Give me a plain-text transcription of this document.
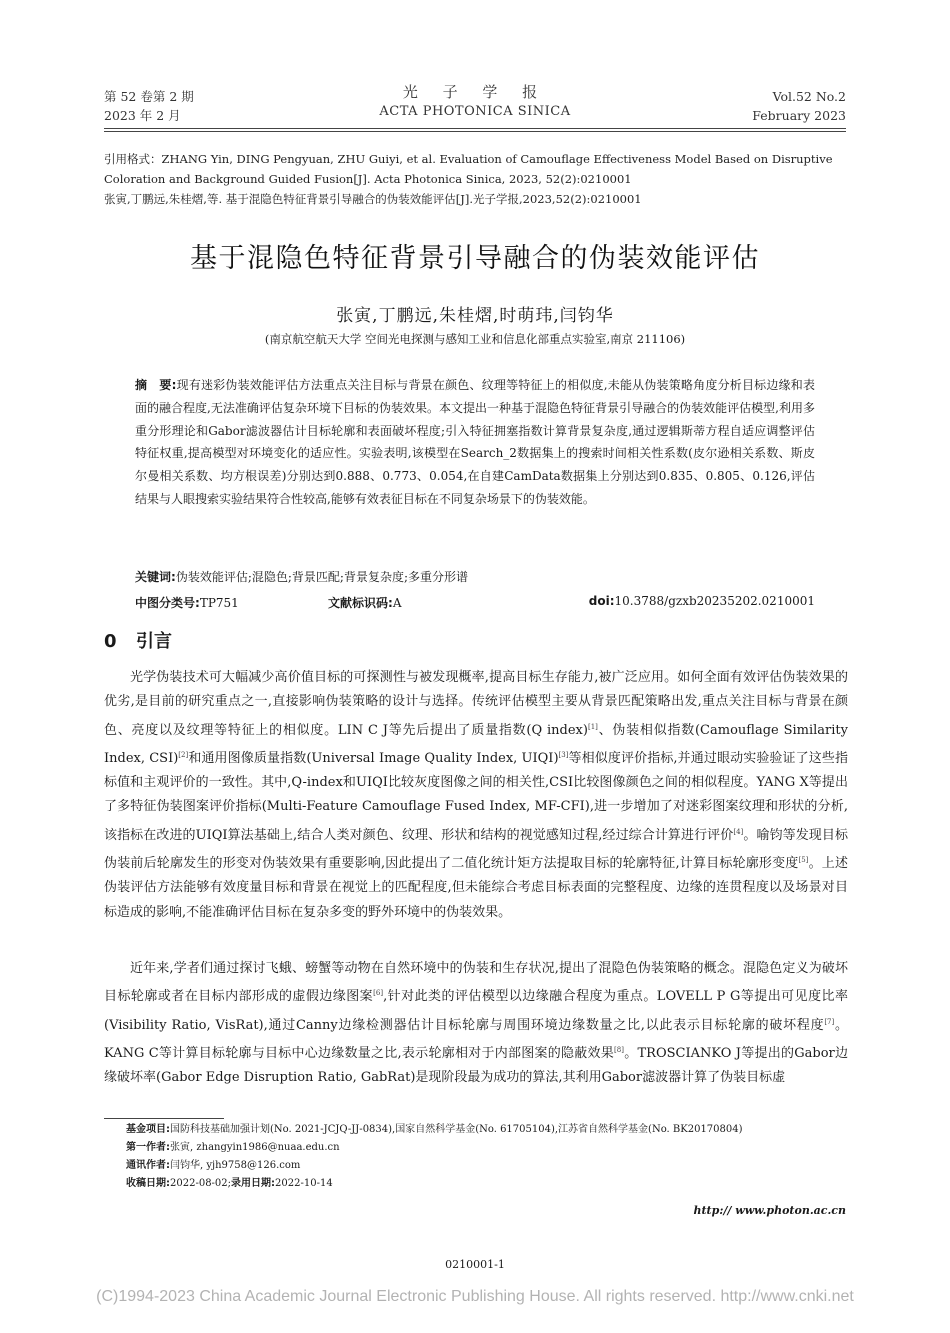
第 52 卷第 2 期
2023 年 2 月
光 子 学 报
ACTA PHOTONICA SINICA
Vol.52 No.2
February 2023

引用格式：ZHANG Yin, DING Pengyuan, ZHU Guiyi, et al. Evaluation of Camouflage Effectiveness Model Based on Disruptive Coloration and Background Guided Fusion[J]. Acta Photonica Sinica, 2023, 52(2):0210001

张寅,丁鹏远,朱桂熠,等. 基于混隐色特征背景引导融合的伪装效能评估[J].光子学报,2023,52(2):0210001

基于混隐色特征背景引导融合的伪装效能评估
张寅,丁鹏远,朱桂熠,时萌玮,闫钧华
(南京航空航天大学 空间光电探测与感知工业和信息化部重点实验室,南京 211106)
摘　要:现有迷彩伪装效能评估方法重点关注目标与背景在颜色、纹理等特征上的相似度,未能从伪装策略角度分析目标边缘和表面的融合程度,无法准确评估复杂环境下目标的伪装效果。本文提出一种基于混隐色特征背景引导融合的伪装效能评估模型,利用多重分形理论和Gabor滤波器估计目标轮廓和表面破坏程度;引入特征拥塞指数计算背景复杂度,通过逻辑斯蒂方程自适应调整评估特征权重,提高模型对环境变化的适应性。实验表明,该模型在Search_2数据集上的搜索时间相关性系数(皮尔逊相关系数、斯皮尔曼相关系数、均方根误差)分别达到0.888、0.773、0.054,在自建CamData数据集上分别达到0.835、0.805、0.126,评估结果与人眼搜索实验结果符合性较高,能够有效表征目标在不同复杂场景下的伪装效能。
关键词:伪装效能评估;混隐色;背景匹配;背景复杂度;多重分形谱
中图分类号:TP751	文献标识码:A	doi:10.3788/gzxb20235202.0210001
0 引言

光学伪装技术可大幅减少高价值目标的可探测性与被发现概率,提高目标生存能力,被广泛应用。如何全面有效评估伪装效果的优劣,是目前的研究重点之一,直接影响伪装策略的设计与选择。传统评估模型主要从背景匹配策略出发,重点关注目标与背景在颜色、亮度以及纹理等特征上的相似度。LIN C J等先后提出了质量指数(Q index)[1]、伪装相似指数(Camouflage Similarity Index, CSI)[2]和通用图像质量指数(Universal Image Quality Index, UIQI)[3]等相似度评价指标,并通过眼动实验验证了这些指标值和主观评价的一致性。其中,Q-index和UIQI比较灰度图像之间的相关性,CSI比较图像颜色之间的相似程度。YANG X等提出了多特征伪装图案评价指标(Multi-Feature Camouflage Fused Index, MF-CFI),进一步增加了对迷彩图案纹理和形状的分析,该指标在改进的UIQI算法基础上,结合人类对颜色、纹理、形状和结构的视觉感知过程,经过综合计算进行评价[4]。喻钧等发现目标伪装前后轮廓发生的形变对伪装效果有重要影响,因此提出了二值化统计矩方法提取目标的轮廓特征,计算目标轮廓形变度[5]。上述伪装评估方法能够有效度量目标和背景在视觉上的匹配程度,但未能综合考虑目标表面的完整程度、边缘的连贯程度以及场景对目标造成的影响,不能准确评估目标在复杂多变的野外环境中的伪装效果。

近年来,学者们通过探讨飞蛾、螃蟹等动物在自然环境中的伪装和生存状况,提出了混隐色伪装策略的概念。混隐色定义为破坏目标轮廓或者在目标内部形成的虚假边缘图案[6],针对此类的评估模型以边缘融合程度为重点。LOVELL P G等提出可见度比率(Visibility Ratio, VisRat),通过Canny边缘检测器估计目标轮廓与周围环境边缘数量之比,以此表示目标轮廓的破坏程度[7]。KANG C等计算目标轮廓与目标中心边缘数量之比,表示轮廓相对于内部图案的隐蔽效果[8]。TROSCIANKO J等提出的Gabor边缘破坏率(Gabor Edge Disruption Ratio, GabRat)是现阶段最为成功的算法,其利用Gabor滤波器计算了伪装目标虚

基金项目:国防科技基础加强计划(No. 2021-JCJQ-JJ-0834),国家自然科学基金(No. 61705104),江苏省自然科学基金(No. BK20170804)

第一作者:张寅, zhangyin1986@nuaa.edu.cn

通讯作者:闫钧华, yjh9758@126.com

收稿日期:2022-08-02;录用日期:2022-10-14

http:// www.photon.ac.cn
0210001-1
(C)1994-2023 China Academic Journal Electronic Publishing House. All rights reserved. http://www.cnki.net
